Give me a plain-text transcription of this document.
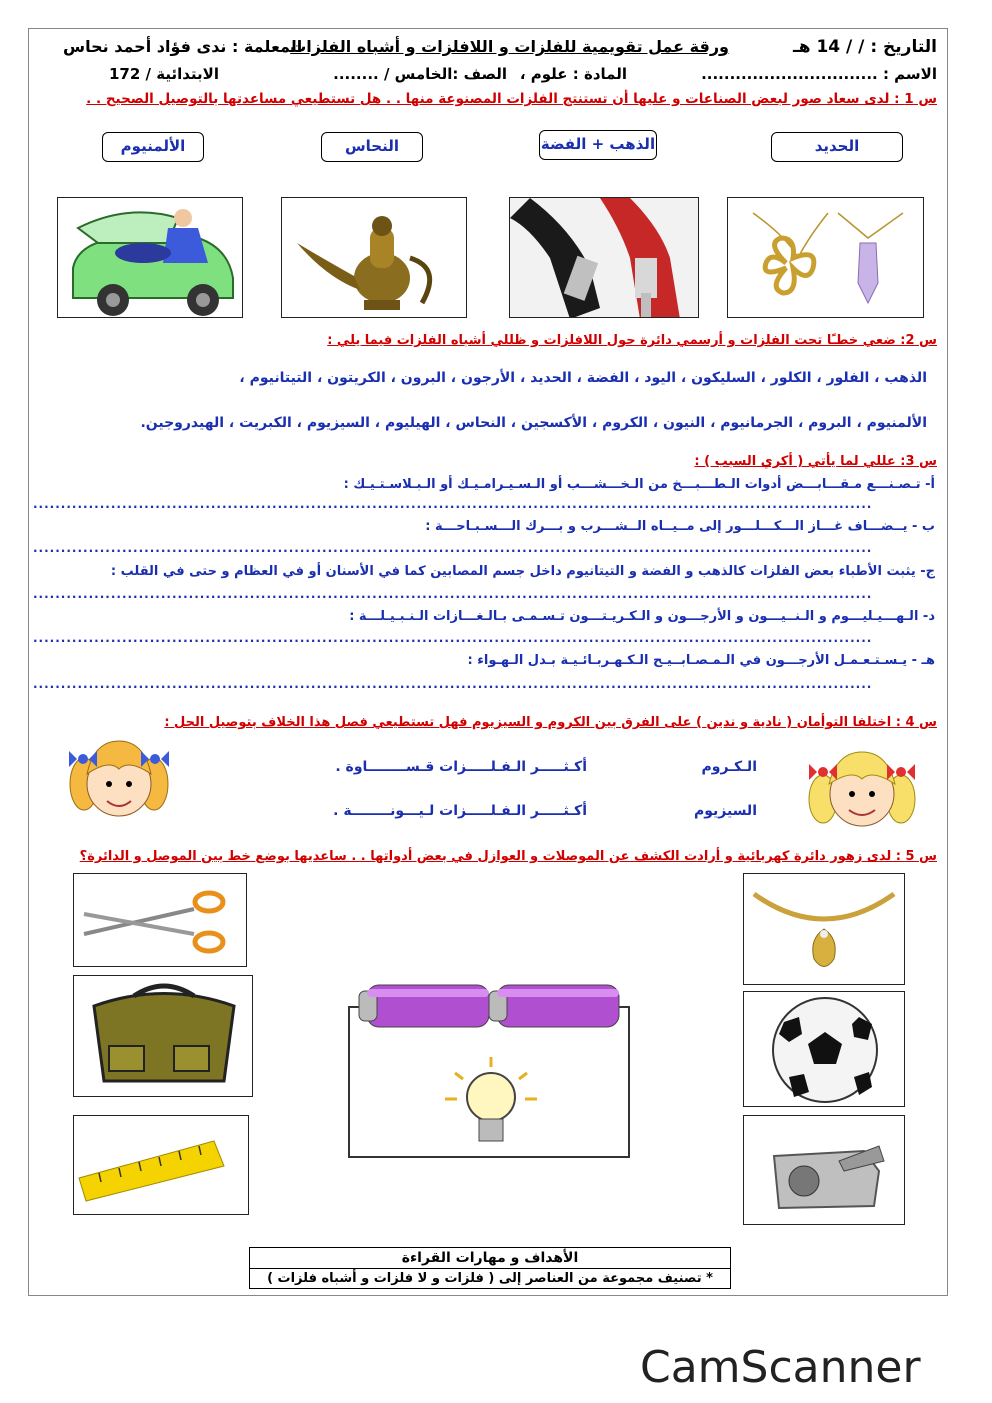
التاريخ : / / 14 هـ
ورقة عمل تقويمية للفلزات و اللافلزات و أشباه الفلزات
المعلمة : ندى فؤاد أحمد نحاس
الاسم : ...............................
المادة : علوم ،
الصف :الخامس / ........
الابتدائية / 172
س 1 : لدى سعاد صور لبعض الصناعات و عليها أن تستنتج الفلزات المصنوعة منها . . هل تستطيعي مساعدتها بالتوصيل الصحيح . .
الحديد
الذهب + الفضة
النحاس
الألمنيوم
س 2: ضعي خطـًا تحت الفلزات و أرسمي دائرة حول اللافلزات و ظللي أشباه الفلزات فيما يلي :
الذهب ، الفلور ، الكلور ، السليكون ، اليود ، الفضة ، الحديد ، الأرجون ، البرون ، الكريتون ، التيتانيوم ،
الألمنيوم ، البروم ، الجرمانيوم ، النيون ، الكروم ، الأكسجين ، النحاس ، الهيليوم ، السيزيوم ، الكبريت ، الهيدروجين.
س 3: عللي لما يأتي ( أكري السبب ) :
أ- تـصـنـــع مـقـــابـــض أدوات الـطـــبـــخ من الـخـــشـــب أو الـسـيـرامـيـك أو الـبـلاسـتـيـك :
.......................................................................................................................................................
ب - يــضـــاف غـــاز الـــكـــلـــور إلى مــيــاه الــشـــرب و بـــرك الـــسـبـاحـــة :
.......................................................................................................................................................
ج- يثبت الأطباء بعض الفلزات كالذهب و الفضة و التيتانيوم داخل جسم المصابين كما في الأسنان أو في العظام و حتى في القلب :
.......................................................................................................................................................
د- الـهـــيـليـــوم و الـنــيـــون و الأرجـــون و الـكـريـتـــون تـسـمـى بـالـغـــازات الـنـبـيـلـــة :
.......................................................................................................................................................
هـ - يـسـتـعـمـل الأرجـــون في الـمـصـابــيـح الـكـهـربـائـيـة بـدل الـهـواء :
.......................................................................................................................................................
س 4 : اختلفا التوأمان ( نادية و ندين ) على الفرق بين الكروم و السيزيوم فهل تستطيعي فصل هذا الخلاف بتوصيل الحل :
الـكـروم
أكـثـــــر الـفـلـــــزات قـســــــــاوة .
السيزيوم
أكـثـــــر الـفـلـــــزات لـيـــونــــــــة .
س 5 : لدى زهور دائرة كهربائية و أرادت الكشف عن الموصلات و العوازل في بعض أدواتها . . ساعديها بوضع خط بين الموصل و الدائرة؟
الأهداف و مهارات القراءة
* تصنيف مجموعة من العناصر إلى ( فلزات و لا فلزات و أشباه فلزات )
CamScanner
